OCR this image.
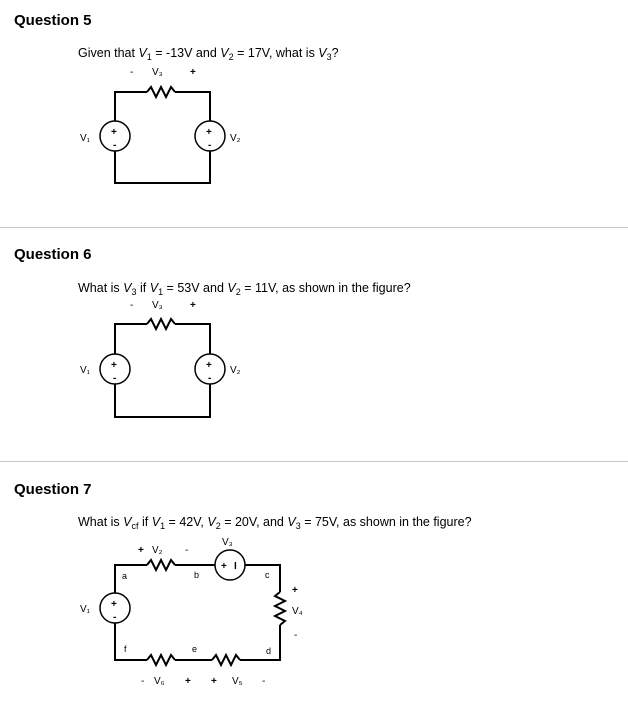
Question 5
Given that $V_1 = -13V$ and $V_2 = 17V$, what is $V_3$?
- V₃	+
V₁	V₂
+
-
+
-
Question 6
What is $V_3$ if $V_1 = 53V$ and $V_2 = 11V$, as shown in the figure?
- V₃	+
V₁	V₂
+
-
+
-
Question 7
What is $V_{cf}$ if $V_1 = 42V$, $V_2 = 20V$, and $V_3 = 75V$, as shown in the figure?
+
-
+ I
+ V₂ -
V₃
a	b	c
d
e
f
V₁
+
V₄
-
- V₆ + + V₅ -
